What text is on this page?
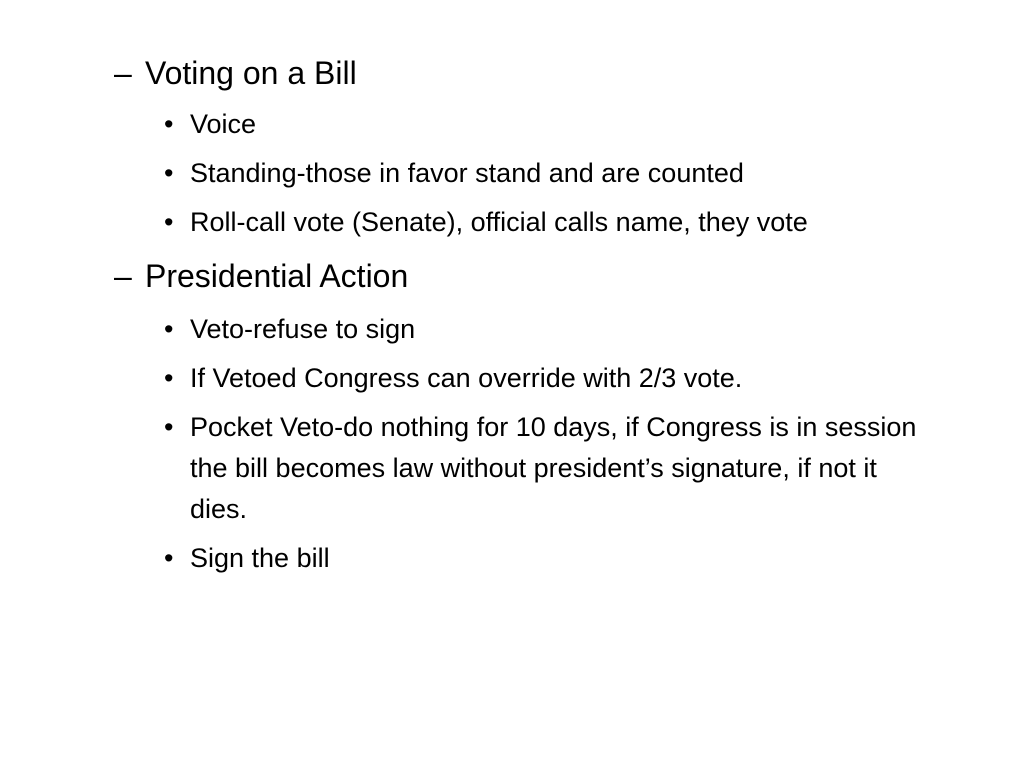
– Voting on a Bill
• Voice
• Standing-those in favor stand and are counted
• Roll-call vote (Senate), official calls name, they vote
– Presidential Action
• Veto-refuse to sign
• If Vetoed Congress can override with 2/3 vote.
• Pocket Veto-do nothing for 10 days, if Congress is in session the bill becomes law without president’s signature, if not it dies.
• Sign the bill
